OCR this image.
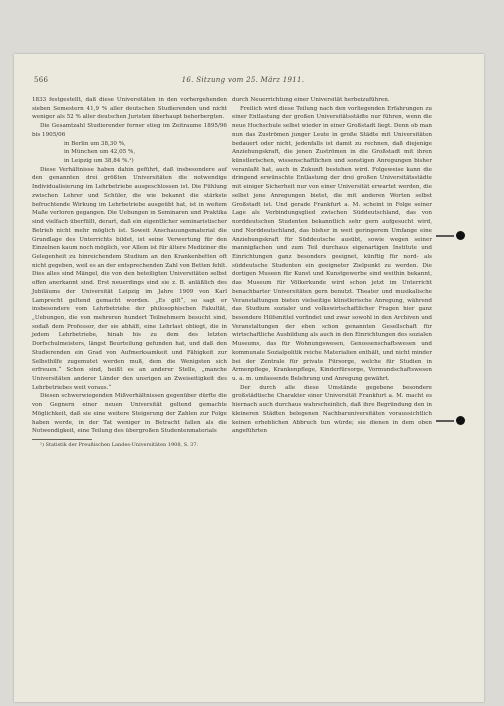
566	16. Sitzung vom 25. März 1911.

1833 festgestellt, daß diese Universitäten in den vorhergehenden sieben Semestern 41,9 % aller deutschen Studierenden und nicht weniger als 52 % aller deutschen Juristen überhaupt beherbergten.

Die Gesamtzahl Studierender ferner stieg im Zeitraume 1895/96 bis 1905/06

in Berlin um 38,30 %,

in München um 42,05 %,

in Leipzig um 38,84 %.¹)

Diese Verhältnisse haben dahin geführt, daß insbesondere auf den genannten drei größten Universitäten die notwendige Individualisierung im Lehrbetriebe ausgeschlossen ist. Die Fühlung zwischen Lehrer und Schüler, die wie bekannt die stärkste befruchtende Wirkung im Lehrbetriebe ausgeübt hat, ist in weitem Maße verloren gegangen. Die Uebungen in Seminaren und Praktika sind vielfach überfüllt, derart, daß ein eigentlicher seminaristischer Betrieb nicht mehr möglich ist. Soweit Anschauungsmaterial die Grundlage des Unterrichts bildet, ist seine Verwertung für den Einzelnen kaum noch möglich, vor Allem ist für ältere Mediziner die Gelegenheit zu hinreichendem Studium an den Krankenbetten oft nicht gegeben, weil es an der entsprechenden Zahl von Betten fehlt. Dies alles sind Mängel, die von den beteiligten Universitäten selbst offen anerkannt sind. Erst neuerdings sind sie z. B. anläßlich des Jubiläums der Universität Leipzig im Jahre 1909 von Karl Lamprecht geltend gemacht worden. „Es gilt“, so sagt er insbesondere vom Lehrbetriebe der philosophischen Fakultät, „Uebungen, die von mehreren hundert Teilnehmern besucht sind, sodaß dem Professor, der sie abhält, eine Lehrlast obliegt, die in jedem Lehrbetriebe, hinab bis zu dem des letzten Dorfschulmeisters, längst Beurteilung gefunden hat, und daß den Studierenden ein Grad von Aufmerksamkeit und Fähigkeit zur Selbsthilfe zugemutet werden muß, dem die Wenigsten sich erfreuen.“ Schon sind, heißt es an anderer Stelle, „manche Universitäten anderer Länder den unsrigen an Zweiseitigkeit des Lehrbetriebes weit voraus.“

Diesen schwerwiegenden Mißverhältnissen gegenüber dürfte die von Gegnern einer neuen Universität geltend gemachte Möglichkeit, daß sie eine weitere Steigerung der Zahlen zur Folge haben werde, in der Tat weniger in Betracht fallen als die Notwendigkeit, eine Teilung des übergroßen Studentenmaterials

¹) Statistik der Preußischen Landes-Universitäten 1908, S. 37.

durch Neuerrichtung einer Universität herbeizuführen.

Freilich wird diese Teilung nach den vorliegenden Erfahrungen zu einer Entlastung der großen Universitätsstädte nur führen, wenn die neue Hochschule selbst wieder in einer Großstadt liegt. Denn ob man nun das Zuströmen junger Leute in große Städte mit Universitäten bedauert oder nicht, jedenfalls ist damit zu rechnen, daß diejenige Anziehungskraft, die jenen Zuströmen in die Großstadt mit ihren künstlerischen, wissenschaftlichen und sonstigen Anregungen bisher veranlaßt hat, auch in Zukunft bestehen wird. Folgeweise kann die dringend erwünschte Entlastung der drei großen Universitätsstädte mit einiger Sicherheit nur von einer Universität erwartet werden, die selbst jene Anregungen bietet, die mit anderen Worten selbst Großstadt ist. Und gerade Frankfurt a. M. scheint in Folge seiner Lage als Verbindungsglied zwischen Süddeutschland, das von norddeutschen Studenten bekanntlich sehr gern aufgesucht wird, und Norddeutschland, das bisher in weit geringerem Umfange eine Anziehungskraft für Süddeutsche ausübt, sowie wegen seiner mannigfachen und zum Teil durchaus eigenartigen Institute und Einrichtungen ganz besonders geeignet, künftig für nord- als süddeutsche Studenten ein geeigneter Zielpunkt zu werden. Die dortigen Museen für Kunst und Kunstgewerbe sind weithin bekannt, das Museum für Völkerkunde wird schon jetzt im Unterricht benachbarter Universitäten gern benutzt. Theater und musikalische Veranstaltungen bieten vielseitige künstlerische Anregung, während das Studium sozialer und volkswirtschaftlicher Fragen hier ganz besondere Hilfsmittel vorfindet und zwar sowohl in den Archiven und Veranstaltungen der eben schon genannten Gesellschaft für wirtschaftliche Ausbildung als auch in den Einrichtungen des sozialen Museums, das für Wohnungswesen, Genossenschaftswesen und kommunale Sozialpolitik reiche Materialien enthält, und nicht minder bei der Zentrale für private Fürsorge, welche für Studien in Armenpflege, Krankenpflege, Kinderfürsorge, Vormundschaftswesen u. a. m. umfassende Belehrung und Anregung gewährt.

Der durch alle diese Umstände gegebene besondere großstädtische Charakter einer Universität Frankfurt a. M. macht es hiernach auch durchaus wahrscheinlich, daß ihre Begründung den in kleineren Städten belegenen Nachbaruniversitäten voraussichtlich keinen erheblichen Abbruch tun würde; sie dienen in dem oben angeführten
